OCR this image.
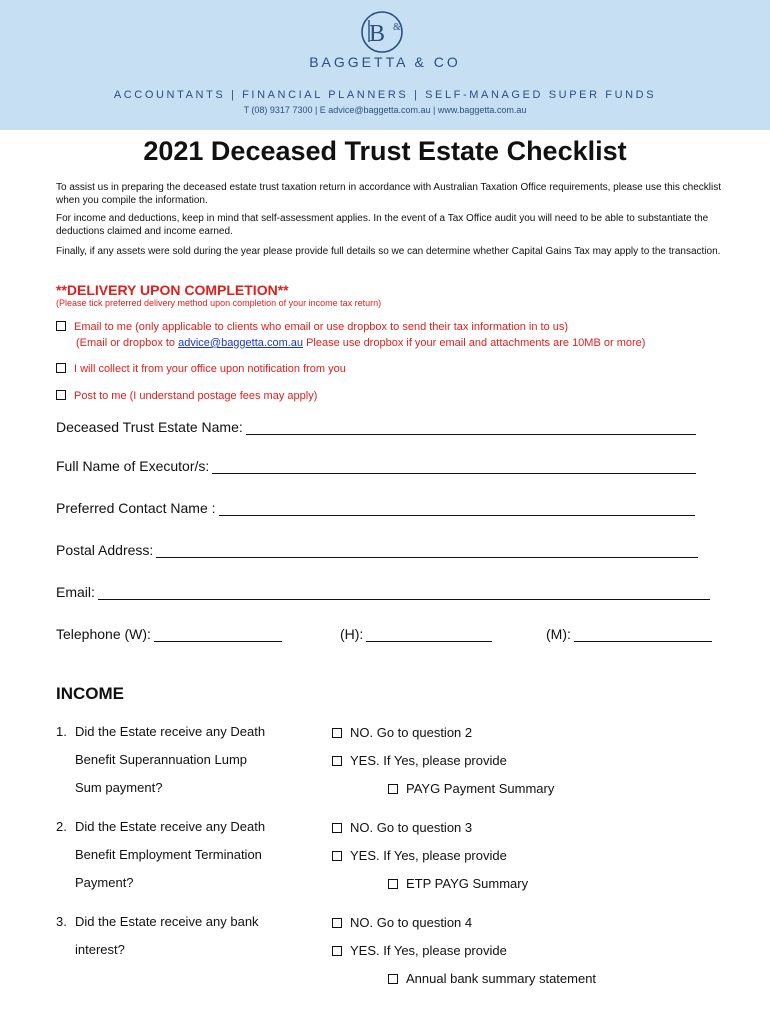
B &
BAGGETTA & CO
ACCOUNTANTS | FINANCIAL PLANNERS | SELF-MANAGED SUPER FUNDS
T (08) 9317 7300 | E advice@baggetta.com.au | www.baggetta.com.au
2021 Deceased Trust Estate Checklist
To assist us in preparing the deceased estate trust taxation return in accordance with Australian Taxation Office requirements, please use this checklist when you compile the information.
For income and deductions, keep in mind that self-assessment applies. In the event of a Tax Office audit you will need to be able to substantiate the deductions claimed and income earned.
Finally, if any assets were sold during the year please provide full details so we can determine whether Capital Gains Tax may apply to the transaction.
**DELIVERY UPON COMPLETION**
(Please tick preferred delivery method upon completion of your income tax return)
Email to me (only applicable to clients who email or use dropbox to send their tax information in to us)
(Email or dropbox to advice@baggetta.com.au Please use dropbox if your email and attachments are 10MB or more)
I will collect it from your office upon notification from you
Post to me (I understand postage fees may apply)
Deceased Trust Estate Name:
Full Name of Executor/s:
Preferred Contact Name :
Postal Address:
Email:
Telephone (W):	(H):	(M):
INCOME
1. Did the Estate receive any Death
Benefit Superannuation Lump
Sum payment?
NO. Go to question 2
YES. If Yes, please provide
PAYG Payment Summary
2. Did the Estate receive any Death
Benefit Employment Termination
Payment?
NO. Go to question 3
YES. If Yes, please provide
ETP PAYG Summary
3. Did the Estate receive any bank
interest?
NO. Go to question 4
YES. If Yes, please provide
Annual bank summary statement
